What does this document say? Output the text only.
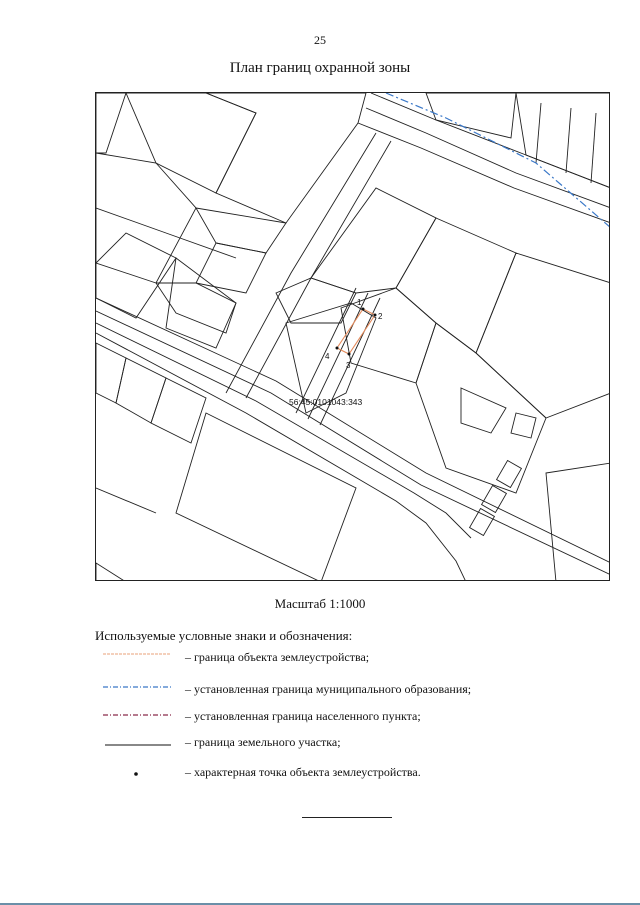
25
План границ охранной зоны
1
2
3
4
56:45:0101043:343
Масштаб 1:1000
Используемые условные знаки и обозначения:
– граница объекта землеустройства;
– установленная граница муниципального образования;
– установленная граница населенного пункта;
– граница земельного участка;
– характерная точка объекта землеустройства.
